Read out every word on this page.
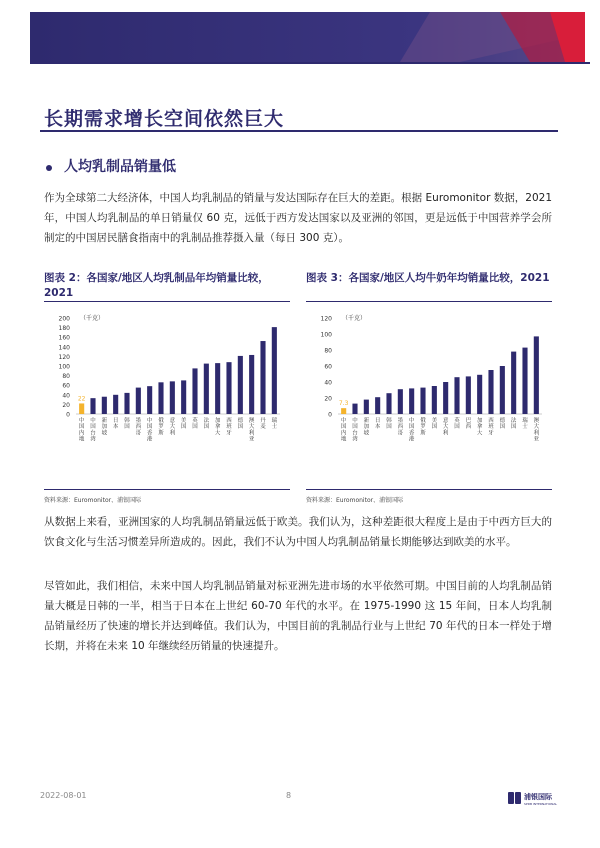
长期需求增长空间依然巨大
人均乳制品销量低
作为全球第二大经济体，中国人均乳制品的销量与发达国际存在巨大的差距。根据 Euromonitor 数据，2021 年，中国人均乳制品的单日销量仅 60 克，远低于西方发达国家以及亚洲的邻国，更是远低于中国营养学会所制定的中国居民膳食指南中的乳制品推荐摄入量（每日 300 克）。
图表 2：各国家/地区人均乳制品年均销量比较，2021
0
20
40
60
80
100
120
140
160
180
200 （千克）
22
中国内地
中国台湾
新加坡
日本
韩国
墨西哥
中国香港
俄罗斯
意大利
美国
英国
法国
加拿大
西班牙
德国
澳大利亚
丹麦
瑞士
资料来源：Euromonitor、浦银国际
图表 3：各国家/地区人均牛奶年均销量比较，2021
0
20
40
60
80
100
120 （千克）
7.3
中国内地
中国台湾
新加坡
日本
韩国
墨西哥
中国香港
俄罗斯
美国
意大利
英国
巴西
加拿大
西班牙
德国
法国
瑞士
澳大利亚
资料来源：Euromonitor、浦银国际
从数据上来看，亚洲国家的人均乳制品销量远低于欧美。我们认为，这种差距很大程度上是由于中西方巨大的饮食文化与生活习惯差异所造成的。因此，我们不认为中国人均乳制品销量长期能够达到欧美的水平。
尽管如此，我们相信，未来中国人均乳制品销量对标亚洲先进市场的水平依然可期。中国目前的人均乳制品销量大概是日韩的一半，相当于日本在上世纪 60-70 年代的水平。在 1975-1990 这 15 年间，日本人均乳制品销量经历了快速的增长并达到峰值。我们认为，中国目前的乳制品行业与上世纪 70 年代的日本一样处于增长期，并将在未来 10 年继续经历销量的快速提升。
2022-08-01	8	浦银国际
SPDB INTERNATIONAL
